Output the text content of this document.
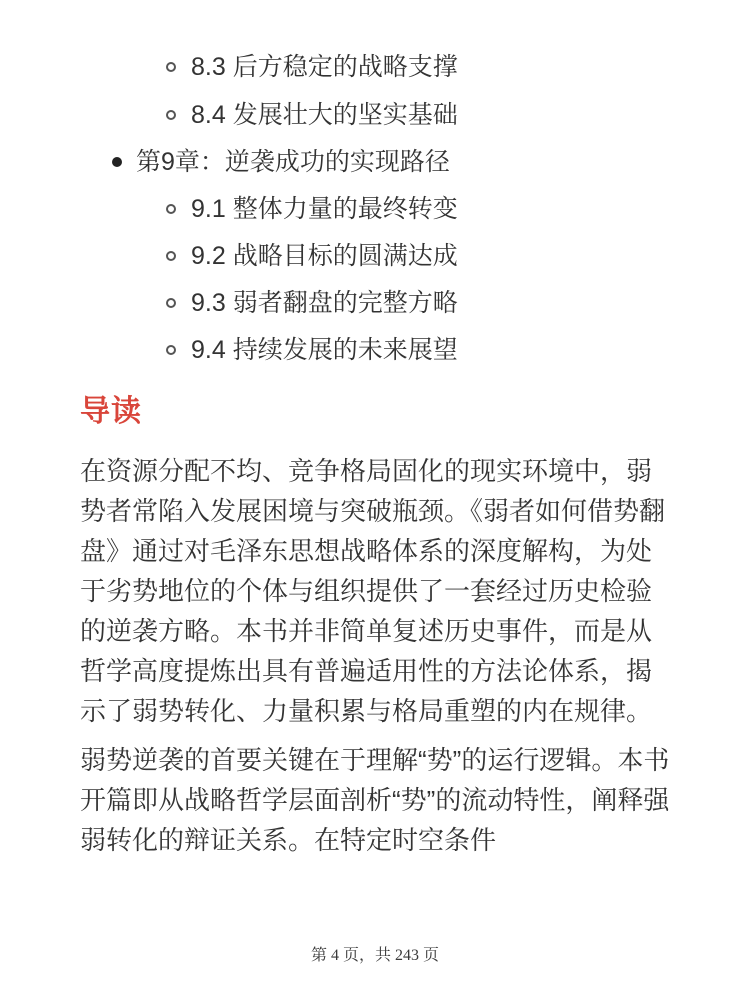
8.3 后方稳定的战略支撑
8.4 发展壮大的坚实基础
第9章：逆袭成功的实现路径
9.1 整体力量的最终转变
9.2 战略目标的圆满达成
9.3 弱者翻盘的完整方略
9.4 持续发展的未来展望
导读

在资源分配不均、竞争格局固化的现实环境中，弱势者常陷入发展困境与突破瓶颈。《弱者如何借势翻盘》通过对毛泽东思想战略体系的深度解构，为处于劣势地位的个体与组织提供了一套经过历史检验的逆袭方略。本书并非简单复述历史事件，而是从哲学高度提炼出具有普遍适用性的方法论体系，揭示了弱势转化、力量积累与格局重塑的内在规律。

弱势逆袭的首要关键在于理解“势”的运行逻辑。本书开篇即从战略哲学层面剖析“势”的流动特性，阐释强弱转化的辩证关系。在特定时空条件

第 4 页，共 243 页
